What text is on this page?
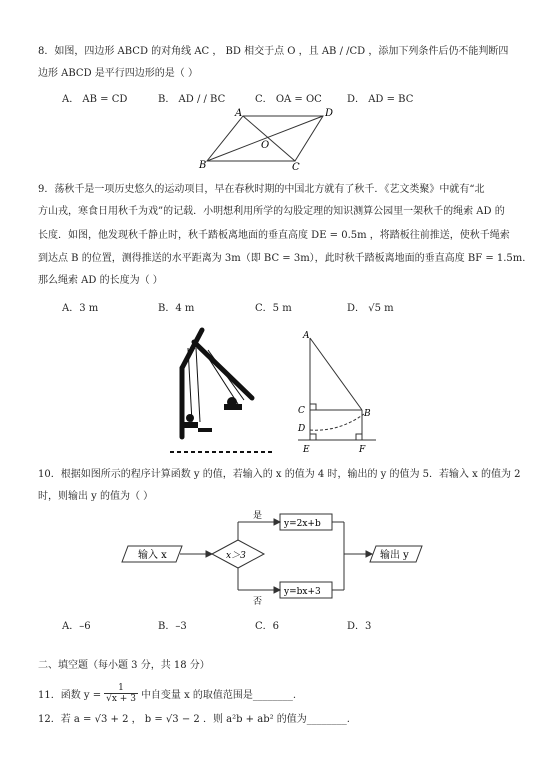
8．如图，四边形 ABCD 的对角线 AC ， BD 相交于点 O ，且 AB / /CD ，添加下列条件后仍不能判断四
边形 ABCD 是平行四边形的是（ ）
A． AB = CD	B． AD / / BC	C． OA = OC	D． AD = BC
A	D
B	C
O
9．荡秋千是一项历史悠久的运动项目，早在春秋时期的中国北方就有了秋千．《艺文类聚》中就有“北
方山戎，寒食日用秋千为戏”的记载．小明想利用所学的勾股定理的知识测算公园里一架秋千的绳索 AD 的
长度．如图，他发现秋千静止时，秋千踏板离地面的垂直高度 DE = 0.5m ，将踏板往前推送，使秋千绳索
到达点 B 的位置，测得推送的水平距离为 3m（即 BC = 3m），此时秋千踏板离地面的垂直高度 BF = 1.5m．
那么绳索 AD 的长度为（ ）
A．3 m	B．4 m	C．5 m	D． √5 m
A
C	B
D
E	F
10．根据如图所示的程序计算函数 y 的值，若输入的 x 的值为 4 时，输出的 y 的值为 5．若输入 x 的值为 2
时，则输出 y 的值为（ ）
输入 x	x＞3
是
否
y=2x+b
y=bx+3
输出 y
A．–6	B．–3	C．6	D．3
二、填空题（每小题 3 分，共 18 分）
11．函数 $y = \frac{1}{√x + 3}$ 中自变量 x 的取值范围是________.
12．若 a = √3 + 2 ， b = √3 − 2 ．则 a²b + ab² 的值为________.
